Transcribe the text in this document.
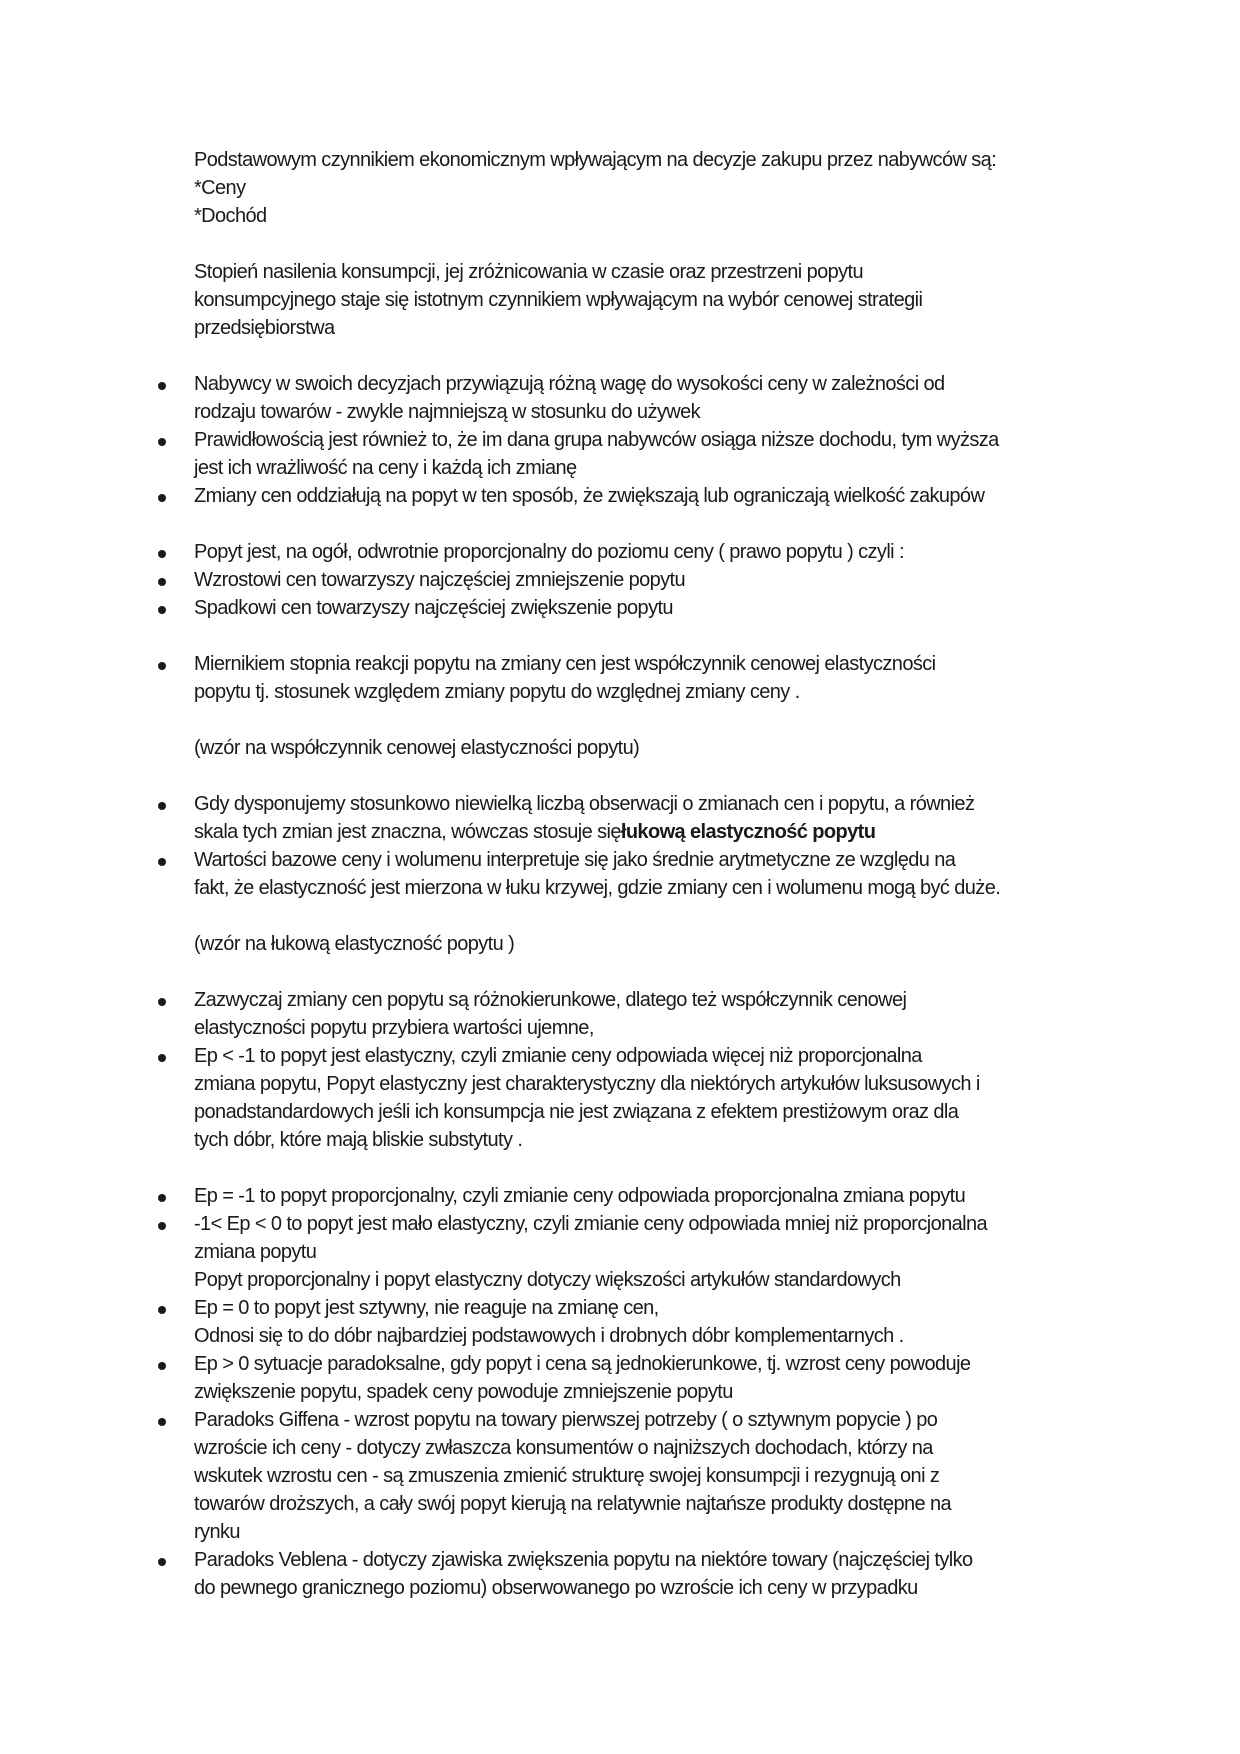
Podstawowym czynnikiem ekonomicznym wpływającym na decyzje zakupu przez nabywców są:
*Ceny
*Dochód
Stopień nasilenia konsumpcji, jej zróżnicowania w czasie oraz przestrzeni popytu
konsumpcyjnego staje się istotnym czynnikiem wpływającym na wybór cenowej strategii
przedsiębiorstwa
Nabywcy w swoich decyzjach przywiązują różną wagę do wysokości ceny w zależności od
rodzaju towarów - zwykle najmniejszą w stosunku do używek
Prawidłowością jest również to, że im dana grupa nabywców osiąga niższe dochodu, tym wyższa
jest ich wrażliwość na ceny i każdą ich zmianę
Zmiany cen oddziałują na popyt w ten sposób, że zwiększają lub ograniczają wielkość zakupów
Popyt jest, na ogół, odwrotnie proporcjonalny do poziomu ceny ( prawo popytu ) czyli :
Wzrostowi cen towarzyszy najczęściej zmniejszenie popytu
Spadkowi cen towarzyszy najczęściej zwiększenie popytu
Miernikiem stopnia reakcji popytu na zmiany cen jest współczynnik cenowej elastyczności
popytu tj. stosunek względem zmiany popytu do względnej zmiany ceny .
(wzór na współczynnik cenowej elastyczności popytu)
Gdy dysponujemy stosunkowo niewielką liczbą obserwacji o zmianach cen i popytu, a również
skala tych zmian jest znaczna, wówczas stosuje sięłukową elastyczność popytu
Wartości bazowe ceny i wolumenu interpretuje się jako średnie arytmetyczne ze względu na
fakt, że elastyczność jest mierzona w łuku krzywej, gdzie zmiany cen i wolumenu mogą być duże.
(wzór na łukową elastyczność popytu )
Zazwyczaj zmiany cen popytu są różnokierunkowe, dlatego też współczynnik cenowej
elastyczności popytu przybiera wartości ujemne,
Ep < -1 to popyt jest elastyczny, czyli zmianie ceny odpowiada więcej niż proporcjonalna
zmiana popytu, Popyt elastyczny jest charakterystyczny dla niektórych artykułów luksusowych i
ponadstandardowych jeśli ich konsumpcja nie jest związana z efektem prestiżowym oraz dla
tych dóbr, które mają bliskie substytuty .
Ep = -1 to popyt proporcjonalny, czyli zmianie ceny odpowiada proporcjonalna zmiana popytu
-1< Ep < 0 to popyt jest mało elastyczny, czyli zmianie ceny odpowiada mniej niż proporcjonalna
zmiana popytu
Popyt proporcjonalny i popyt elastyczny dotyczy większości artykułów standardowych
Ep = 0 to popyt jest sztywny, nie reaguje na zmianę cen,
Odnosi się to do dóbr najbardziej podstawowych i drobnych dóbr komplementarnych .
Ep > 0 sytuacje paradoksalne, gdy popyt i cena są jednokierunkowe, tj. wzrost ceny powoduje
zwiększenie popytu, spadek ceny powoduje zmniejszenie popytu
Paradoks Giffena - wzrost popytu na towary pierwszej potrzeby ( o sztywnym popycie ) po
wzroście ich ceny - dotyczy zwłaszcza konsumentów o najniższych dochodach, którzy na
wskutek wzrostu cen - są zmuszenia zmienić strukturę swojej konsumpcji i rezygnują oni z
towarów droższych, a cały swój popyt kierują na relatywnie najtańsze produkty dostępne na
rynku
Paradoks Veblena - dotyczy zjawiska zwiększenia popytu na niektóre towary (najczęściej tylko
do pewnego granicznego poziomu) obserwowanego po wzroście ich ceny w przypadku
